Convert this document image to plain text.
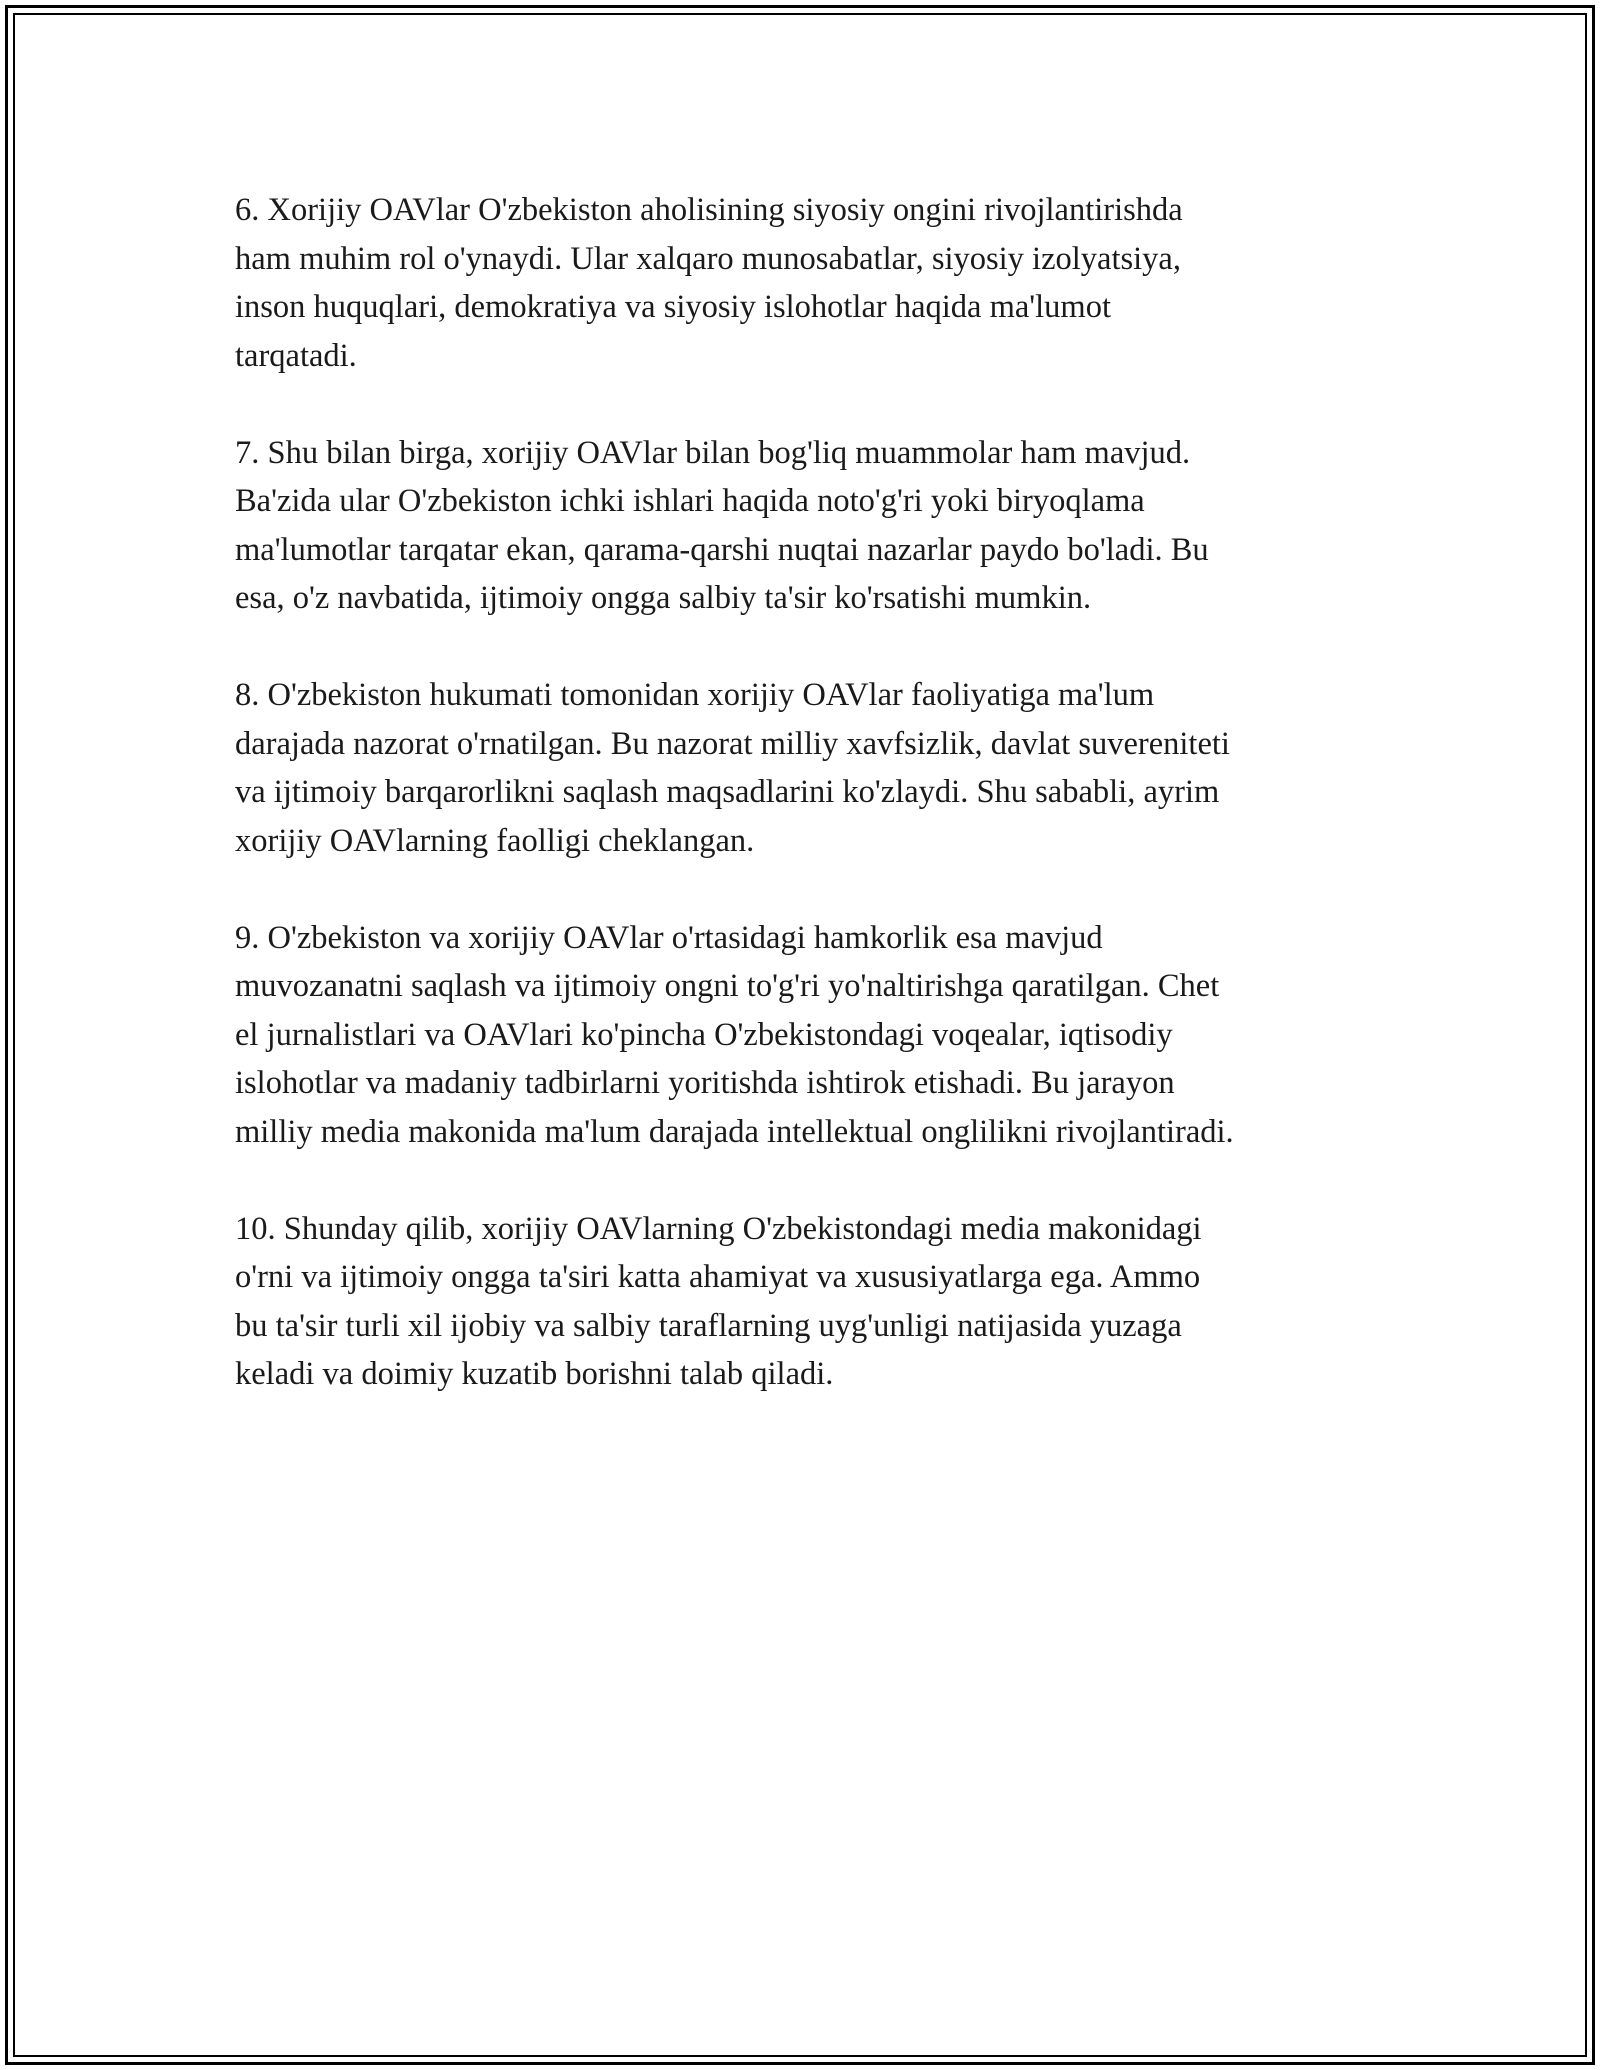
6. Xorijiy OAVlar O'zbekiston aholisining siyosiy ongini rivojlantirishda
ham muhim rol o'ynaydi. Ular xalqaro munosabatlar, siyosiy izolyatsiya,
inson huquqlari, demokratiya va siyosiy islohotlar haqida ma'lumot
tarqatadi.

7. Shu bilan birga, xorijiy OAVlar bilan bog'liq muammolar ham mavjud.
Ba'zida ular O'zbekiston ichki ishlari haqida noto'g'ri yoki biryoqlama
ma'lumotlar tarqatar ekan, qarama-qarshi nuqtai nazarlar paydo bo'ladi. Bu
esa, o'z navbatida, ijtimoiy ongga salbiy ta'sir ko'rsatishi mumkin.

8. O'zbekiston hukumati tomonidan xorijiy OAVlar faoliyatiga ma'lum
darajada nazorat o'rnatilgan. Bu nazorat milliy xavfsizlik, davlat suvereniteti
va ijtimoiy barqarorlikni saqlash maqsadlarini ko'zlaydi. Shu sababli, ayrim
xorijiy OAVlarning faolligi cheklangan.

9. O'zbekiston va xorijiy OAVlar o'rtasidagi hamkorlik esa mavjud
muvozanatni saqlash va ijtimoiy ongni to'g'ri yo'naltirishga qaratilgan. Chet
el jurnalistlari va OAVlari ko'pincha O'zbekistondagi voqealar, iqtisodiy
islohotlar va madaniy tadbirlarni yoritishda ishtirok etishadi. Bu jarayon
milliy media makonida ma'lum darajada intellektual onglilikni rivojlantiradi.

10. Shunday qilib, xorijiy OAVlarning O'zbekistondagi media makonidagi
o'rni va ijtimoiy ongga ta'siri katta ahamiyat va xususiyatlarga ega. Ammo
bu ta'sir turli xil ijobiy va salbiy taraflarning uyg'unligi natijasida yuzaga
keladi va doimiy kuzatib borishni talab qiladi.
